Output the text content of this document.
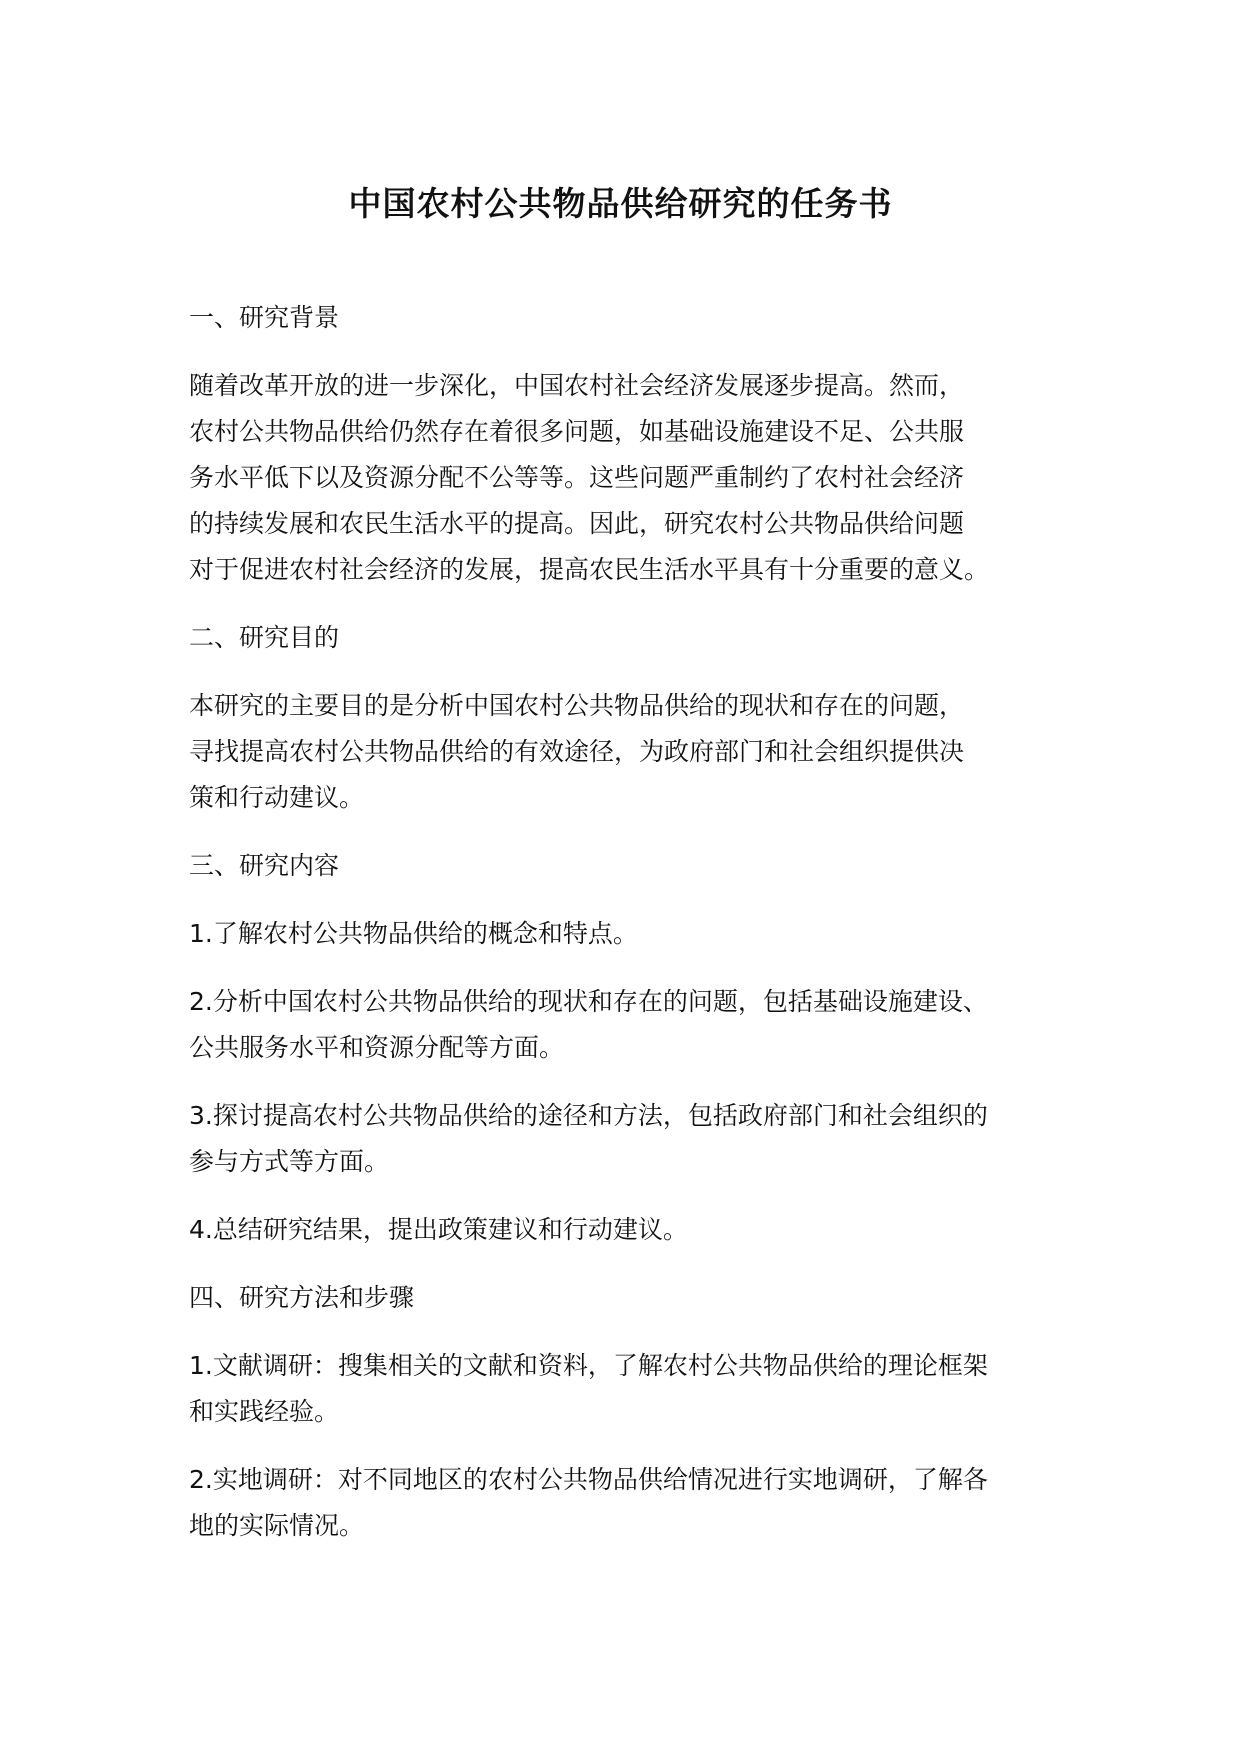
中国农村公共物品供给研究的任务书

一、研究背景

随着改革开放的进一步深化，中国农村社会经济发展逐步提高。然而，
农村公共物品供给仍然存在着很多问题，如基础设施建设不足、公共服
务水平低下以及资源分配不公等等。这些问题严重制约了农村社会经济
的持续发展和农民生活水平的提高。因此，研究农村公共物品供给问题
对于促进农村社会经济的发展，提高农民生活水平具有十分重要的意义。

二、研究目的

本研究的主要目的是分析中国农村公共物品供给的现状和存在的问题，
寻找提高农村公共物品供给的有效途径，为政府部门和社会组织提供决
策和行动建议。

三、研究内容

1.了解农村公共物品供给的概念和特点。

2.分析中国农村公共物品供给的现状和存在的问题，包括基础设施建设、
公共服务水平和资源分配等方面。

3.探讨提高农村公共物品供给的途径和方法，包括政府部门和社会组织的
参与方式等方面。

4.总结研究结果，提出政策建议和行动建议。

四、研究方法和步骤

1.文献调研：搜集相关的文献和资料，了解农村公共物品供给的理论框架
和实践经验。

2.实地调研：对不同地区的农村公共物品供给情况进行实地调研，了解各
地的实际情况。
